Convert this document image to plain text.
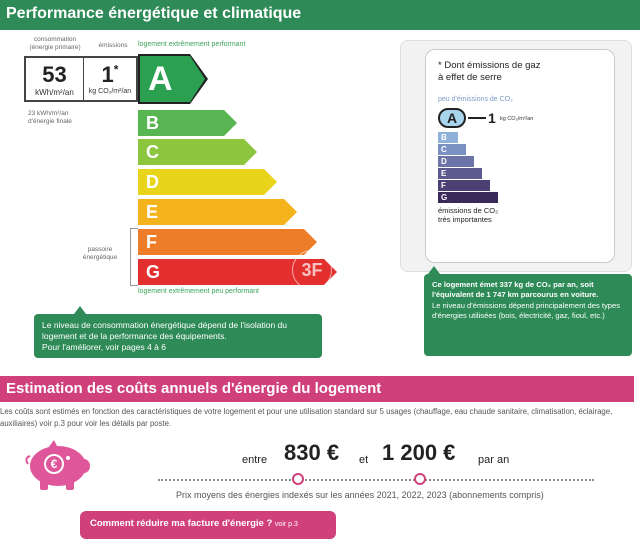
Performance énergétique et climatique
consommation
(énergie primaire)	émissions	logement extrêmement performant
53
kWh/m²/an
1*
kg CO₂/m²/an A
23 kWh/m²/an
d'énergie finale	B
C
D
E
passoire
énergétique
F
G	3F
logement extrêmement peu performant
Le niveau de consommation énergétique dépend de l'isolation du logement et de la performance des équipements.
Pour l'améliorer, voir pages 4 à 6
* Dont émissions de gaz
à effet de serre
peu d'émissions de CO₂
A	1 kg CO₂/m²/an
B
C
D
E
F
G
émissions de CO₂
très importantes
Ce logement émet 337 kg de CO₂ par an, soit l'équivalent de 1 747 km parcourus en voiture.
Le niveau d'émissions dépend principalement des types d'énergies utilisées (bois, électricité, gaz, fioul, etc.)
Estimation des coûts annuels d'énergie du logement
Les coûts sont estimés en fonction des caractéristiques de votre logement et pour une utilisation standard sur 5 usages (chauffage, eau chaude sanitaire, climatisation, éclairage, auxiliaires) voir p.3 pour voir les détails par poste.
€	entre 830 € et 1 200 € par an
Prix moyens des énergies indexés sur les années 2021, 2022, 2023 (abonnements compris)
Comment réduire ma facture d'énergie ? voir p.3
